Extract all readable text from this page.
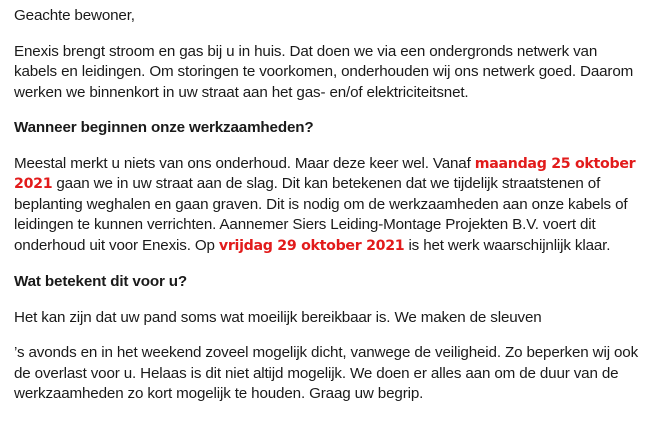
Geachte bewoner,

Enexis brengt stroom en gas bij u in huis. Dat doen we via een ondergronds netwerk van kabels en leidingen. Om storingen te voorkomen, onderhouden wij ons netwerk goed. Daarom werken we binnenkort in uw straat aan het gas- en/of elektriciteitsnet.

Wanneer beginnen onze werkzaamheden?

Meestal merkt u niets van ons onderhoud. Maar deze keer wel. Vanaf maandag 25 oktober 2021 gaan we in uw straat aan de slag. Dit kan betekenen dat we tijdelijk straatstenen of beplanting weghalen en gaan graven. Dit is nodig om de werkzaamheden aan onze kabels of leidingen te kunnen verrichten. Aannemer Siers Leiding-Montage Projekten B.V. voert dit onderhoud uit voor Enexis. Op vrijdag 29 oktober 2021 is het werk waarschijnlijk klaar.

Wat betekent dit voor u?

Het kan zijn dat uw pand soms wat moeilijk bereikbaar is. We maken de sleuven

’s avonds en in het weekend zoveel mogelijk dicht, vanwege de veiligheid. Zo beperken wij ook de overlast voor u. Helaas is dit niet altijd mogelijk. We doen er alles aan om de duur van de werkzaamheden zo kort mogelijk te houden. Graag uw begrip.
